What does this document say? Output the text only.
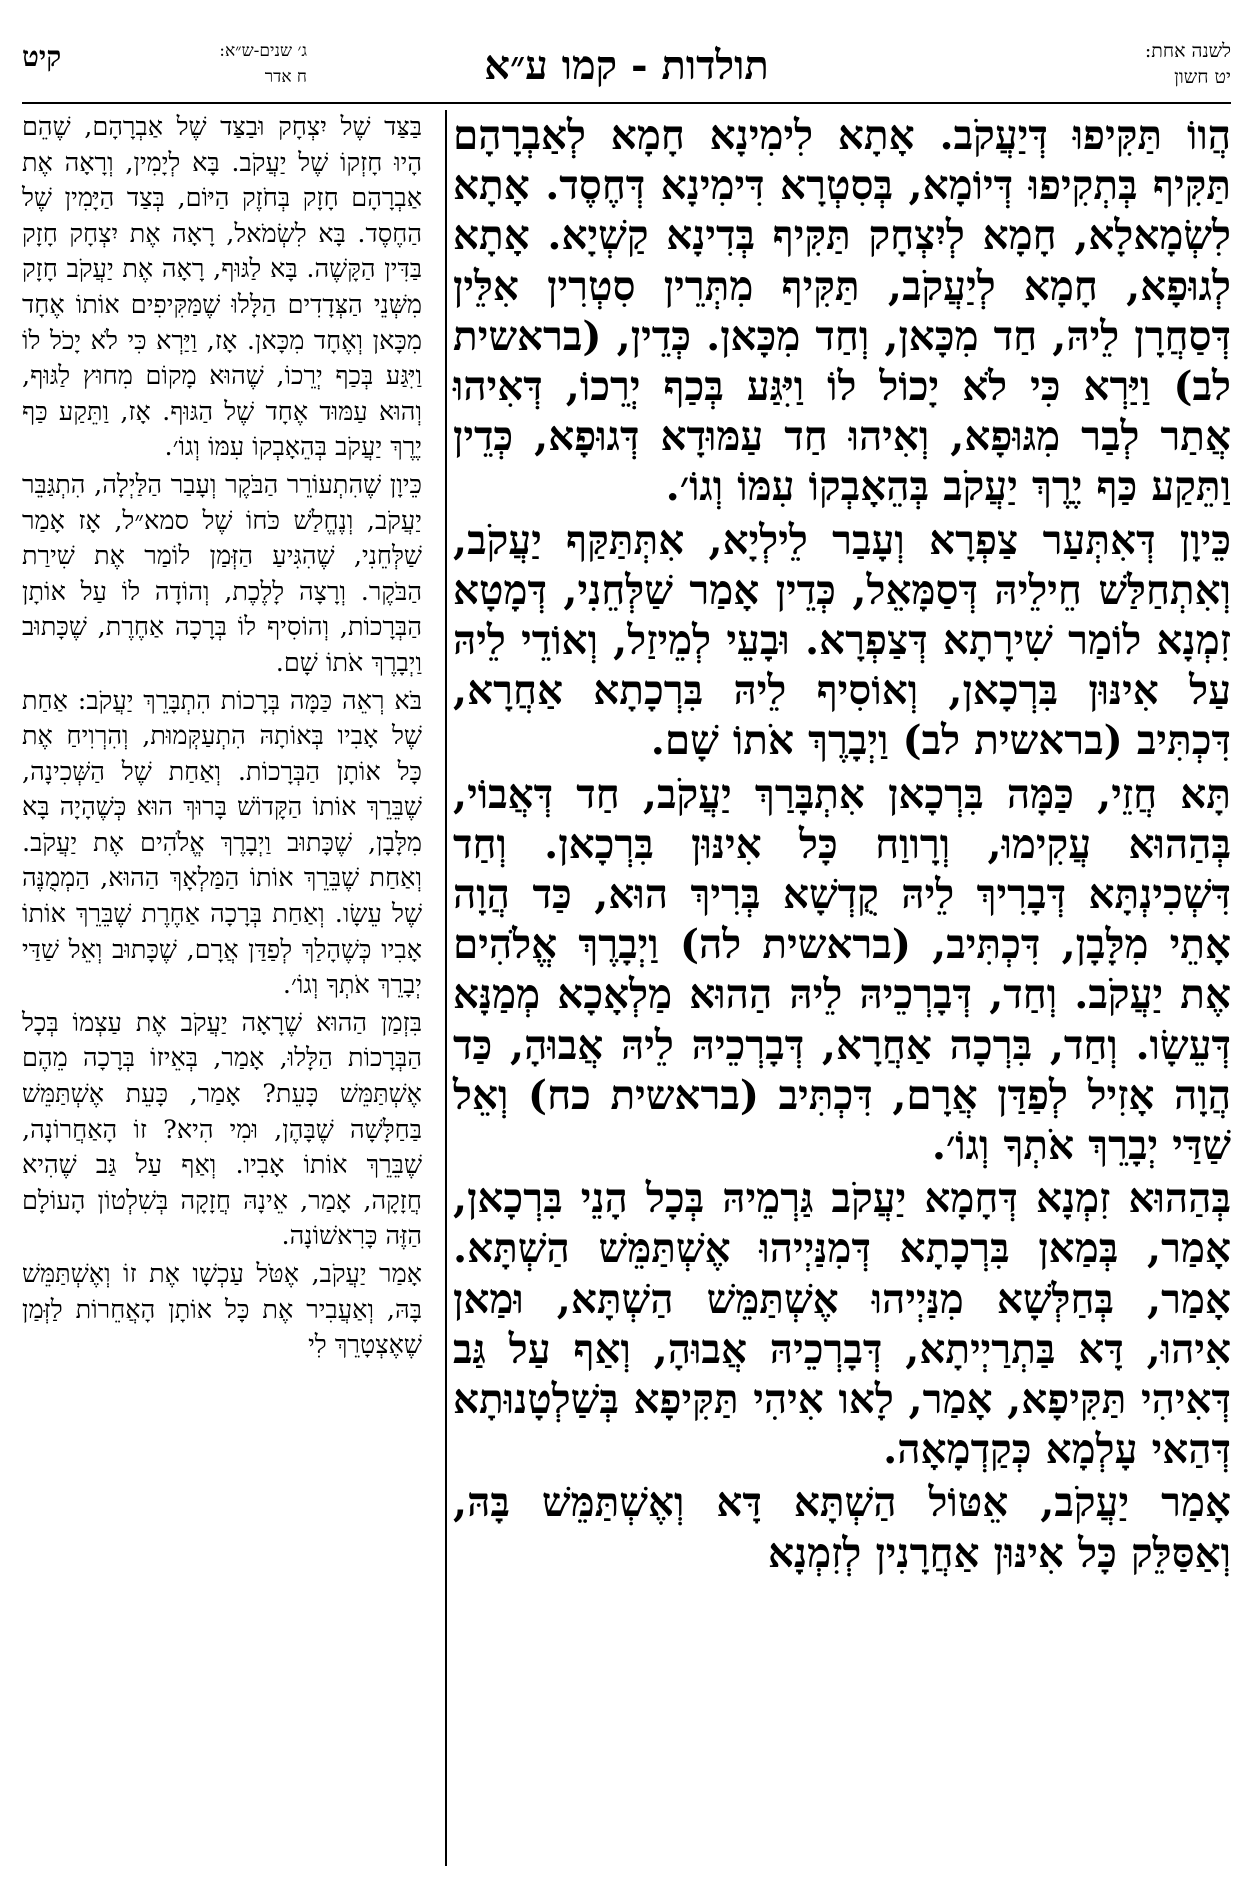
לשנה אחת:
יט חשון
תולדות - קמו ע״א
ג׳ שנים-ש״א:
ח אדר
קיט

הֲווֹ תַּקִּיפוּ דְּיַעֲקֹב. אָתָא לִימִינָא חָמָא לְאַבְרָהָם תַּקִּיף בְּתְקִיפוּ דְּיוֹמָא, בְּסִטְרָא דִּימִינָא דְּחֶסֶד. אָתָא לִשְׂמָאלָא, חָמָא לְיִצְחָק תַּקִּיף בְּדִינָא קַשְׁיָא. אָתָא לְגוּפָא, חָמָא לְיַעֲקֹב, תַּקִּיף מִתְּרֵין סִטְרִין אִלֵּין דְּסַחֲרָן לֵיהּ, חַד מִכָּאן, וְחַד מִכָּאן. כְּדֵין, (בראשית לב) וַיַּרְא כִּי לֹא יָכוֹל לוֹ וַיִּגַּע בְּכַף יְרֵכוֹ, דְּאִיהוּ אֲתַר לְבַר מִגּוּפָא, וְאִיהוּ חַד עַמּוּדָא דְּגוּפָא, כְּדֵין וַתֵּקַע כַּף יֶרֶךְ יַעֲקֹב בְּהֵאָבְקוֹ עִמּוֹ וְגוֹ׳.

כֵּיוָן דְּאִתְּעַר צַפְרָא וְעָבַר לֵילְיָא, אִתְּתַּקַּף יַעֲקֹב, וְאִתְחַלַּשׁ חֵילֵיהּ דְּסַמָּאֵל, כְּדֵין אָמַר שַׁלְּחֵנִי, דְּמָטָא זִמְנָא לוֹמַר שִׁירָתָא דְּצַפְרָא. וּבָעֵי לְמֵיזַל, וְאוֹדֵי לֵיהּ עַל אִינּוּן בִּרְכָאן, וְאוֹסִיף לֵיהּ בִּרְכָתָא אַחֲרָא, דִּכְתִּיב (בראשית לב) וַיְבָרֶךְ אֹתוֹ שָׁם.

תָּא חֲזֵי, כַּמָּה בִּרְכָאן אִתְבָּרַךְ יַעֲקֹב, חַד דְּאֲבוֹי, בְּהַהוּא עֲקִימוּ, וְרָווַח כָּל אִינּוּן בִּרְכָאן. וְחַד דִּשְׁכִינְתָּא דְּבָרִיךְ לֵיהּ קֻדְשָׁא בְּרִיךְ הוּא, כַּד הֲוָה אָתֵי מִלָּבָן, דִּכְתִּיב, (בראשית לה) וַיְבָרֶךְ אֱלֹהִים אֶת יַעֲקֹב. וְחַד, דְּבָרְכֵיהּ לֵיהּ הַהוּא מַלְאָכָא מְמַנָּא דְּעֵשָׂו. וְחַד, בִּרְכָה אַחֲרָא, דְּבָרְכֵיהּ לֵיהּ אֲבוּהָ, כַּד הֲוָה אָזִיל לְפַדַּן אֲרָם, דִּכְתִּיב (בראשית כח) וְאֵל שַׁדַּי יְבָרֵךְ אֹתְךָ וְגוֹ׳.

בְּהַהוּא זִמְנָא דְּחָמָא יַעֲקֹב גַּרְמֵיהּ בְּכָל הָנֵי בִּרְכָאן, אָמַר, בְּמַאן בִּרְכָתָא דְּמִנַּיְיהוּ אֶשְׁתַּמֵּשׁ הַשְׁתָּא. אָמַר, בְּחַלְּשָׁא מִנַּיְיהוּ אֶשְׁתַּמֵּשׁ הַשְׁתָּא, וּמַאן אִיהוּ, דָּא בַּתְרַיְיתָא, דְּבָרְכֵיהּ אֲבוּהָ, וְאַף עַל גַּב דְּאִיהִי תַּקִּיפָא, אָמַר, לָאו אִיהִי תַּקִּיפָא בְּשַׁלְטָנוּתָא דְּהַאי עָלְמָא כְּקַדְמָאָה.

אָמַר יַעֲקֹב, אֵטּוֹל הַשְׁתָּא דָּא וְאֶשְׁתַּמֵּשׁ בָּהּ, וְאַסַּלֵּק כָּל אִינּוּן אַחֲרָנִין לְזִמְנָא

בַּצַּד שֶׁל יִצְחָק וּבַצַּד שֶׁל אַבְרָהָם, שֶׁהֵם הָיוּ חָזְקוֹ שֶׁל יַעֲקֹב. בָּא לְיָמִין, וְרָאָה אֶת אַבְרָהָם חָזָק בְּחֹזֶק הַיּוֹם, בְּצַד הַיָּמִין שֶׁל הַחֶסֶד. בָּא לִשְׂמֹאל, רָאָה אֶת יִצְחָק חָזָק בַּדִּין הַקָּשֶׁה. בָּא לַגּוּף, רָאָה אֶת יַעֲקֹב חָזָק מִשְּׁנֵי הַצְּדָדִים הַלָּלוּ שֶׁמַּקִּיפִים אוֹתוֹ אֶחָד מִכָּאן וְאֶחָד מִכָּאן. אָז, וַיַּרְא כִּי לֹא יָכֹל לוֹ וַיִּגַּע בְּכַף יְרֵכוֹ, שֶׁהוּא מָקוֹם מִחוּץ לַגּוּף, וְהוּא עַמּוּד אֶחָד שֶׁל הַגּוּף. אָז, וַתֵּקַע כַּף יֶרֶךְ יַעֲקֹב בְּהֵאָבְקוֹ עִמּוֹ וְגוֹ׳.

כֵּיוָן שֶׁהִתְעוֹרֵר הַבֹּקֶר וְעָבַר הַלַּיְלָה, הִתְגַּבֵּר יַעֲקֹב, וְנֶחֱלַשׁ כֹּחוֹ שֶׁל סמא״ל, אָז אָמַר שַׁלְּחֵנִי, שֶׁהִגִּיעַ הַזְּמַן לוֹמַר אֶת שִׁירַת הַבֹּקֶר. וְרָצָה לָלֶכֶת, וְהוֹדָה לוֹ עַל אוֹתָן הַבְּרָכוֹת, וְהוֹסִיף לוֹ בְּרָכָה אַחֶרֶת, שֶׁכָּתוּב וַיְבָרֶךְ אֹתוֹ שָׁם.

בֹּא רְאֵה כַּמָּה בְּרָכוֹת הִתְבָּרֵךְ יַעֲקֹב: אַחַת שֶׁל אָבִיו בְּאוֹתָהּ הִתְעַקְּמוּת, וְהִרְוִיחַ אֶת כָּל אוֹתָן הַבְּרָכוֹת. וְאַחַת שֶׁל הַשְּׁכִינָה, שֶׁבֵּרֵךְ אוֹתוֹ הַקָּדוֹשׁ בָּרוּךְ הוּא כְּשֶׁהָיָה בָּא מִלָּבָן, שֶׁכָּתוּב וַיְבָרֶךְ אֱלֹהִים אֶת יַעֲקֹב. וְאַחַת שֶׁבֵּרֵךְ אוֹתוֹ הַמַּלְאָךְ הַהוּא, הַמְמֻנֶּה שֶׁל עֵשָׂו. וְאַחַת בְּרָכָה אַחֶרֶת שֶׁבֵּרֵךְ אוֹתוֹ אָבִיו כְּשֶׁהָלַךְ לְפַדַּן אֲרָם, שֶׁכָּתוּב וְאֵל שַׁדַּי יְבָרֵךְ אֹתְךָ וְגוֹ׳.

בִּזְמַן הַהוּא שֶׁרָאָה יַעֲקֹב אֶת עַצְמוֹ בְּכָל הַבְּרָכוֹת הַלָּלוּ, אָמַר, בְּאֵיזוֹ בְּרָכָה מֵהֶם אֶשְׁתַּמֵּשׁ כָּעֵת? אָמַר, כָּעֵת אֶשְׁתַּמֵּשׁ בַּחַלָּשָׁה שֶׁבָּהֶן, וּמִי הִיא? זוֹ הָאַחֲרוֹנָה, שֶׁבֵּרֵךְ אוֹתוֹ אָבִיו. וְאַף עַל גַּב שֶׁהִיא חֲזָקָה, אָמַר, אֵינָהּ חֲזָקָה בְּשִׁלְטוֹן הָעוֹלָם הַזֶּה כָּרִאשׁוֹנָה.

אָמַר יַעֲקֹב, אֶטֹּל עַכְשָׁו אֶת זוֹ וְאֶשְׁתַּמֵּשׁ בָּהּ, וְאַעֲבִיר אֶת כָּל אוֹתָן הָאֲחֵרוֹת לַזְּמַן שֶׁאֶצְטָרֵךְ לִי
